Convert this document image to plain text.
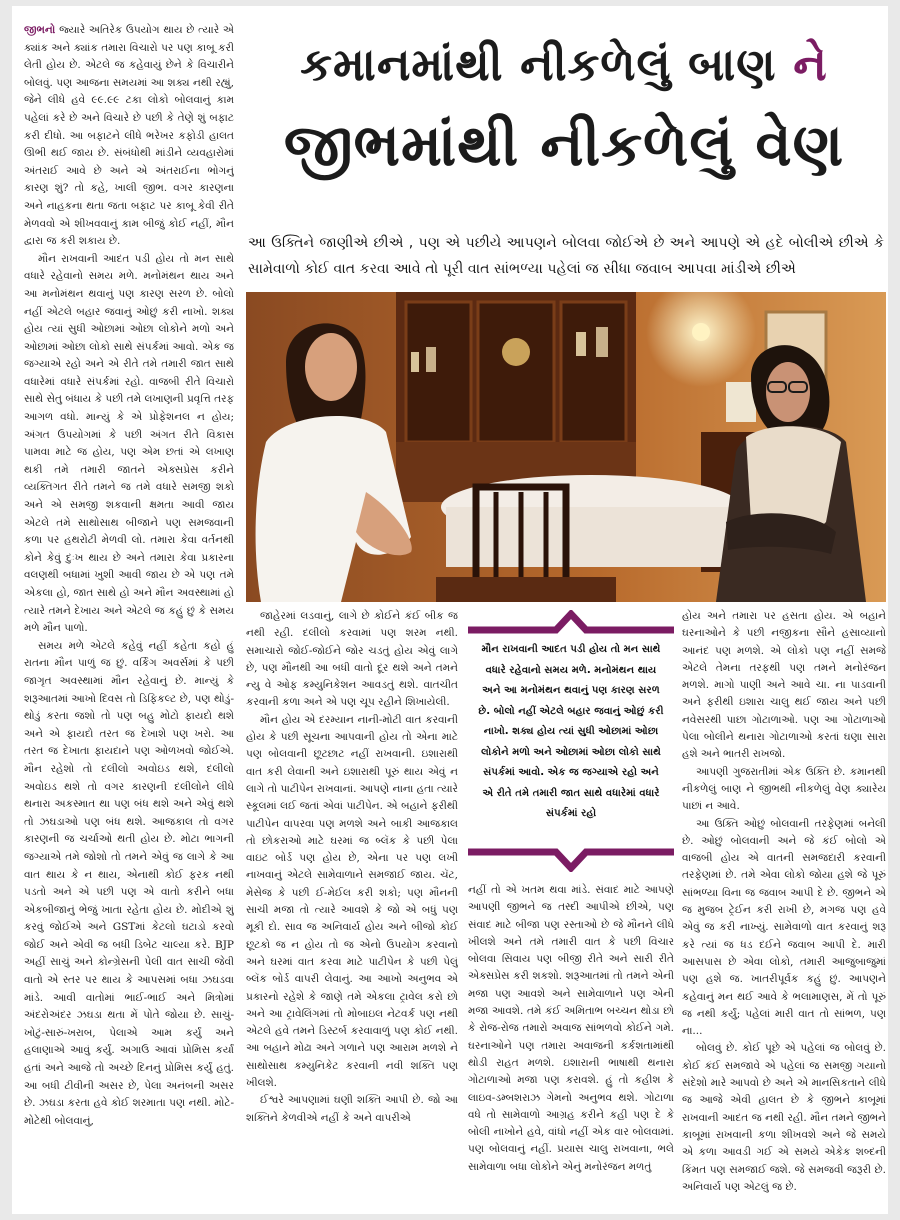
જીભનો જ્યારે અતિરેક ઉપયોગ થાય છે ત્યારે એ ક્યાંક અને ક્યાંક તમારા વિચારો પર પણ કાબૂ કરી લેતી હોય છે. એટલે જ કહેવાયું છેને કે વિચારીને બોલવું. પણ આજના સમયમાં આ શક્ય નથી રહ્યું, જેને લીધે હવે ૯૯.૯૯ ટકા લોકો બોલવાનું કામ પહેલાં કરે છે અને વિચારે છે પછી કે તેણે શું બફાટ કરી દીધો. આ બફાટને લીધે ભરેખર કફોડી હાલત ઊભી થઈ જાય છે. સંબંધોથી માંડીને વ્યવહારોમાં અંતરાઈ આવે છે અને એ અંતરાઈના ભોગનું કારણ શું? તો કહે, ખાલી જીભ. વગર કારણના અને નાહકના થતા જતા બફાટ પર કાબૂ કેવી રીતે મેળવવો એ શીખવવાનું કામ બીજું કોઈ નહીં, મૌન દ્વારા જ કરી શકાય છે.

મૌન રાખવાની આદત પડી હોય તો મન સાથે વધારે રહેવાનો સમય મળે. મનોમંથન થાય અને આ મનોમંથન થવાનું પણ કારણ સરળ છે. બોલો નહીં એટલે બહાર જવાનું ઓછું કરી નાખો. શક્ય હોય ત્યાં સુધી ઓછામાં ઓછા લોકોને મળો અને ઓછામાં ઓછા લોકો સાથે સંપર્કમાં આવો. એક જ જગ્યાએ રહો અને એ રીતે તમે તમારી જાત સાથે વધારેમાં વધારે સંપર્કમાં રહો. વાજબી રીતે વિચારો સાથે સેતુ બંધાય કે પછી તમે લખાણની પ્રવૃત્તિ તરફ આગળ વધો. માન્યું કે એ પ્રોફેશનલ ન હોય; અંગત ઉપયોગમાં કે પછી અંગત રીતે વિકાસ પામવા માટે જ હોય, પણ એમ છતાં એ લખાણ થકી તમે તમારી જાતને એક્સપ્રેસ કરીને વ્યક્તિગત રીતે તમને જ તમે વધારે સમજી શકો અને એ સમજી શકવાની ક્ષમતા આવી જાય એટલે તમે સાથોસાથ બીજાને પણ સમજવાની કળા પર હથરોટી મેળવી લો. તમારા કેવા વર્તનથી કોને કેવું દુઃખ થાય છે અને તમારા કેવા પ્રકારના વલણથી બધામાં ખુશી આવી જાય છે એ પણ તમે એકલા હો, જાત સાથે હો અને મૌન અવસ્થામાં હો ત્યારે તમને દેખાય અને એટલે જ કહું છું કે સમય મળે મૌન પાળો.

સમય મળે એટલે કહેવું નહીં કહેતા કહો હું રાતના મૌન પાળું જ છું. વર્કિંગ અવર્સમાં કે પછી જાગૃત અવસ્થામાં મૌન રહેવાનું છે. માન્યું કે શરૂઆતમાં આખો દિવસ તો ડિફિકલ્ટ છે, પણ થોડું-થોડું કરતા જશો તો પણ બહુ મોટો ફાયદો થશે અને એ ફાયદો તરત જ દેખાશે પણ ખરો. આ તરત જ દેખાતા ફાયદાને પણ ઓળખવો જોઈએ. મૌન રહેશો તો દલીલો અવોઇડ થશે, દલીલો અવોઇડ થશે તો વગર કારણની દલીલોને લીધે થનારા અકસ્માત થા પણ બંધ થશે અને એવું થશે તો ઝઘડાઓ પણ બંધ થશે. આજકાલ તો વગર કારણની જ ચર્ચાઓ થતી હોય છે. મોટા ભાગની જગ્યાએ તમે જોશો તો તમને એવું જ લાગે કે આ વાત થાય કે ન થાય, એનાથી કોઈ ફરક નથી પડતો અને એ પછી પણ એ વાતો કરીને બધા એકબીજાનું ભેજું ખાતા રહેતા હોય છે. મોદીએ શું કરવું જોઈએ અને GSTમાં કેટલો ઘટાડો કરવો જોઈ અને એવી જ બધી ડિબેટ ચાલ્યા કરે. BJP અહીં સાચું અને કોન્ગ્રેસની પેલી વાત સાચી જેવી વાતો એ સ્તર પર થાય કે આપસમાં બધા ઝઘડવા માંડે. આવી વાતોમાં ભાઈ-ભાઈ અને મિત્રોમાં અંદરોઅંદર ઝઘડા થતા મેં પોતે જોયા છે. સાચું-ખોટું-સારું-ખરાબ, પેલાએ આમ કર્યું અને હલાણાએ આવું કર્યું. અગાઉ આવાં પ્રોમિસ કર્યાં હતાં અને આજે તો અચ્છે દિનનું પ્રોમિસ કર્યું હતું. આ બધી ટીવીની અસર છે, પેલા અનંબની અસર છે. ઝઘડા કરતા હવે કોઈ શરમાતા પણ નથી. મોટે-મોટેથી બોલવાનું,

કમાનમાંથી નીકળેલું બાણ ને
જીભમાંથી નીકળેલું વેણ

આ ઉક્તિને જાણીએ છીએ , પણ એ પછીયે આપણને બોલવા જોઈએ છે અને આપણે એ હદે બોલીએ છીએ કે સામેવાળો કોઈ વાત કરવા આવે તો પૂરી વાત સાંભળ્યા પહેલાં જ સીધા જવાબ આપવા માંડીએ છીએ

જાહેરમાં લડવાનું, લાગે છે કોઈને કંઈ બીક જ નથી રહી. દલીલો કરવામાં પણ શરમ નથી. સમાચારો જોઈ-જોઈને જોર ચડતું હોય એવું લાગે છે, પણ મૌનથી આ બધી વાતો દૂર થશે અને તમને ન્યુ વે ઓફ કમ્યુનિકેશન આવડતું થશે. વાતચીત કરવાની કળા અને એ પણ ચૂપ રહીને શિખાયેલી.

મૌન હોય એ દરમ્યાન નાની-મોટી વાત કરવાની હોય કે પછી સૂચના આપવાની હોય તો એના માટે પણ બોલવાની છૂટછાટ નહીં રાખવાની. ઇશારાથી વાત કરી લેવાની અને ઇશારાથી પૂરું થાય એવું ન લાગે તો પાટીપેન રાખવાનાં. આપણે નાના હતા ત્યારે સ્કૂલમાં લઈ જતાં એવાં પાટીપેન. એ બહાને ફરીથી પાટીપેન વાપરવા પણ મળશે અને બાકી આજકાલ તો છોકરાઓ માટે ઘરમાં જ બ્લૅક કે પછી પેલા વાઇટ બોર્ડ પણ હોય છે, એના પર પણ લખી નાખવાનું એટલે સામેવાળાને સમજાઈ જાય. ચૅટ, મેસેજ કે પછી ઈ-મેઈલ કરી શકો; પણ મૌનની સાચી મજા તો ત્યારે આવશે કે જો એ બધું પણ મૂકી દો. સાવ જ અનિવાર્ય હોય અને બીજો કોઈ છૂટકો જ ન હોય તો જ એનો ઉપયોગ કરવાનો અને ઘરમાં વાત કરવા માટે પાટીપેન કે પછી પેલું બ્લૅક બોર્ડ વાપરી લેવાનું. આ આખો અનુભવ એ પ્રકારનો રહેશે કે જાણે તમે એકલા ટ્રાવેલ કરો છો અને આ ટ્રાવેલિંગમાં તો મોબાઇલ નેટવર્ક પણ નથી એટલે હવે તમને ડિસ્ટર્બ કરવાવાળું પણ કોઈ નથી. આ બહાને મોઢા અને ગળાને પણ આરામ મળશે ને સાથોસાથ કમ્યુનિકેટ કરવાની નવી શક્તિ પણ ખીલશે.

ઈશ્વરે આપણામાં ઘણી શક્તિ આપી છે. જો આ શક્તિને કેળવીએ નહીં કે અને વાપરીએ

મૌન રાખવાની આદત પડી હોય તો મન સાથે વધારે રહેવાનો સમય મળે. મનોમંથન થાય અને આ મનોમંથન થવાનું પણ કારણ સરળ છે. બોલો નહીં એટલે બહાર જવાનું ઓછું કરી નાખો. શક્ય હોય ત્યાં સુધી ઓછામાં ઓછા લોકોને મળો અને ઓછામાં ઓછા લોકો સાથે સંપર્કમાં આવો. એક જ જગ્યાએ રહો અને એ રીતે તમે તમારી જાત સાથે વધારેમાં વધારે સંપર્કમાં રહો

નહીં તો એ ખતમ થવા માંડે. સંવાદ માટે આપણે આપણી જીભને જ તસ્દી આપીએ છીએ, પણ સંવાદ માટે બીજા પણ રસ્તાઓ છે જે મૌનને લીધે ખીલશે અને તમે તમારી વાત કે પછી વિચાર બોલવા સિવાય પણ બીજી રીતે અને સારી રીતે એક્સપ્રેસ કરી શકશો. શરૂઆતમાં તો તમને એની મજા પણ આવશે અને સામેવાળાને પણ એની મજા આવશે. તમે કંઈ અમિતાભ બચ્ચન થોડા છો કે રોજ-રોજ તમારો અવાજ સાંભળવો કોઈને ગમે. ઘરનાઓને પણ તમારા અવાજની કર્કશતામાંથી થોડી રાહત મળશે. ઇશારાની ભાષાથી થનારા ગોટાળાઓ મજા પણ કરાવશે. હું તો કહીશ કે લાઇવ-ડમ્બશરાઝ ગેમનો અનુભવ થશે. ગોટાળા વધે તો સામેવાળો આગ્રહ કરીને કહી પણ દે કે બોલી નાખોને હવે, વાંધો નહીં એક વાર બોલવામાં. પણ બોલવાનું નહીં. પ્રયાસ ચાલુ રાખવાના, ભલે સામેવાળા બધા લોકોને એનું મનોરંજન મળતું

હોય અને તમારા પર હસતા હોય. એ બહાને ઘરનાઓને કે પછી નજીકના સૌને હસાવ્યાનો આનંદ પણ મળશે. એ લોકો પણ નહીં સમજે એટલે તેમના તરફથી પણ તમને મનોરંજન મળશે. માગો પાણી અને આવે ચા. ના પાડવાની અને ફરીથી ઇશારા ચાલુ થઈ જાય અને પછી નવેસરથી પાછા ગોટાળાઓ. પણ આ ગોટાળાઓ પેલા બોલીને થનારા ગોટાળાઓ કરતાં ઘણા સારા હશે અને ભાતરી રાખજો.

આપણી ગુજરાતીમાં એક ઉક્તિ છે. કમાનથી નીકળેલું બાણ ને જીભથી નીકળેલું વેણ ક્યારેય પાછાં ન આવે.

આ ઉક્તિ ઓછું બોલવાની તરફેણમાં બનેલી છે. ઓછું બોલવાની અને જે કંઈ બોલો એ વાજબી હોય એ વાતની સમજદારી કરવાની તરફેણમાં છે. તમે એવા લોકો જોયા હશે જે પૂરું સાંભળ્યા વિના જ જવાબ આપી દે છે. જીભને એ જ મુજબ ટ્રેઈન કરી રાખી છે, મગજ પણ હવે એવું જ કરી નાખ્યું. સામેવાળો વાત કરવાનું શરૂ કરે ત્યાં જ ધડ દઈને જવાબ આપી દે. મારી આસપાસ છે એવા લોકો, તમારી આજુબાજુમાં પણ હશે જ. ખાતરીપૂર્વક કહું છું. આપણને કહેવાનું મન થઈ આવે કે ભલામાણસ, મેં તો પૂરું જ નથી કર્યું; પહેલાં મારી વાત તો સાંભળ, પણ ના...

બોલવું છે. કોઈ પૂછે એ પહેલાં જ બોલવું છે. કોઈ કંઈ સમજાવે એ પહેલાં જ સમજી ગયાનો સંદેશો મારે આપવો છે અને એ માનસિકતાને લીધે જ આજે એવી હાલત છે કે જીભને કાબૂમાં રાખવાની આદત જ નથી રહી. મૌન તમને જીભને કાબૂમાં રાખવાની કળા શીખવશે અને જે સમયે એ કળા આવડી ગઈ એ સમયે એકેક શબ્દની કિંમત પણ સમજાઈ જશે. જે સમજવી જરૂરી છે. અનિવાર્ય પણ એટલું જ છે.
